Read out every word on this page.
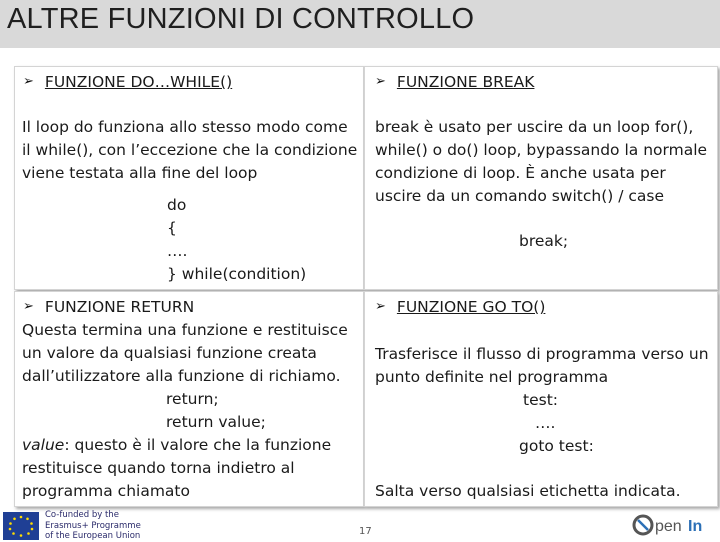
ALTRE FUNZIONI DI CONTROLLO
➢ FUNZIONE DO…WHILE()
Il loop do funziona allo stesso modo come
il while(), con l’eccezione che la condizione
viene testata alla fine del loop
do
{
….
} while(condition)
➢ FUNZIONE BREAK
break è usato per uscire da un loop for(),
while() o do() loop, bypassando la normale
condizione di loop. È anche usata per
uscire da un comando switch() / case
break;
➢ FUNZIONE RETURN
Questa termina una funzione e restituisce
un valore da qualsiasi funzione creata
dall’utilizzatore alla funzione di richiamo.
return;
return value;
value: questo è il valore che la funzione
restituisce quando torna indietro al
programma chiamato
➢ FUNZIONE GO TO()
Trasferisce il flusso di programma verso un
punto definite nel programma
test:
….
goto test:
Salta verso qualsiasi etichetta indicata.
Co-funded by the
Erasmus+ Programme
of the European Union	17	pen In
